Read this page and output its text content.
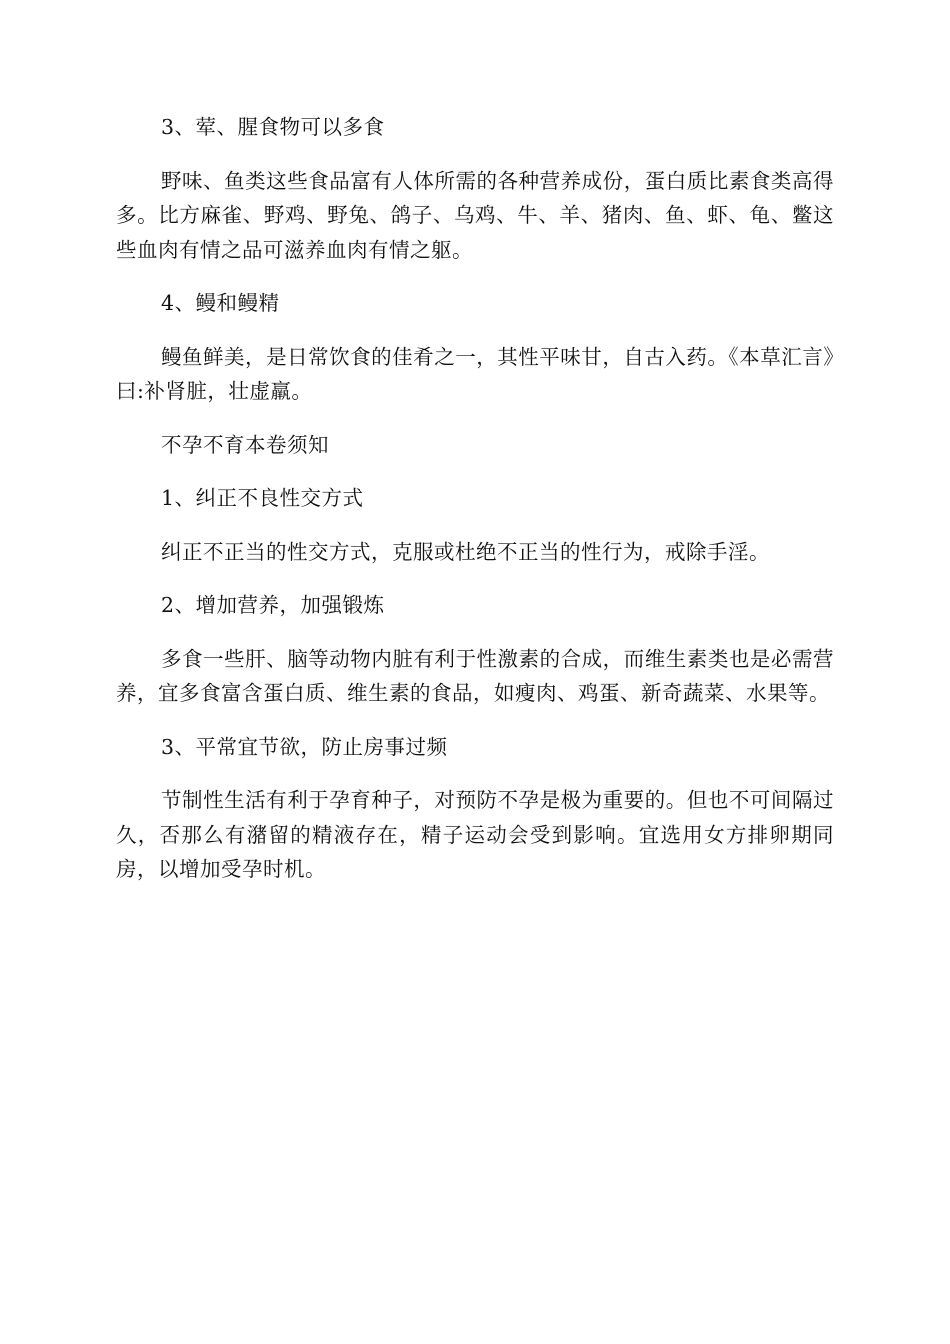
3、荤、腥食物可以多食

野味、鱼类这些食品富有人体所需的各种营养成份，蛋白质比素食类高得多。比方麻雀、野鸡、野兔、鸽子、乌鸡、牛、羊、猪肉、鱼、虾、龟、鳖这些血肉有情之品可滋养血肉有情之躯。

4、鳗和鳗精

鳗鱼鲜美，是日常饮食的佳肴之一，其性平味甘，自古入药。《本草汇言》曰:补肾脏，壮虚羸。

不孕不育本卷须知

1、纠正不良性交方式

纠正不正当的性交方式，克服或杜绝不正当的性行为，戒除手淫。

2、增加营养，加强锻炼

多食一些肝、脑等动物内脏有利于性激素的合成，而维生素类也是必需营养，宜多食富含蛋白质、维生素的食品，如瘦肉、鸡蛋、新奇蔬菜、水果等。

3、平常宜节欲，防止房事过频

节制性生活有利于孕育种子，对预防不孕是极为重要的。但也不可间隔过久，否那么有潴留的精液存在，精子运动会受到影响。宜选用女方排卵期同房，以增加受孕时机。
